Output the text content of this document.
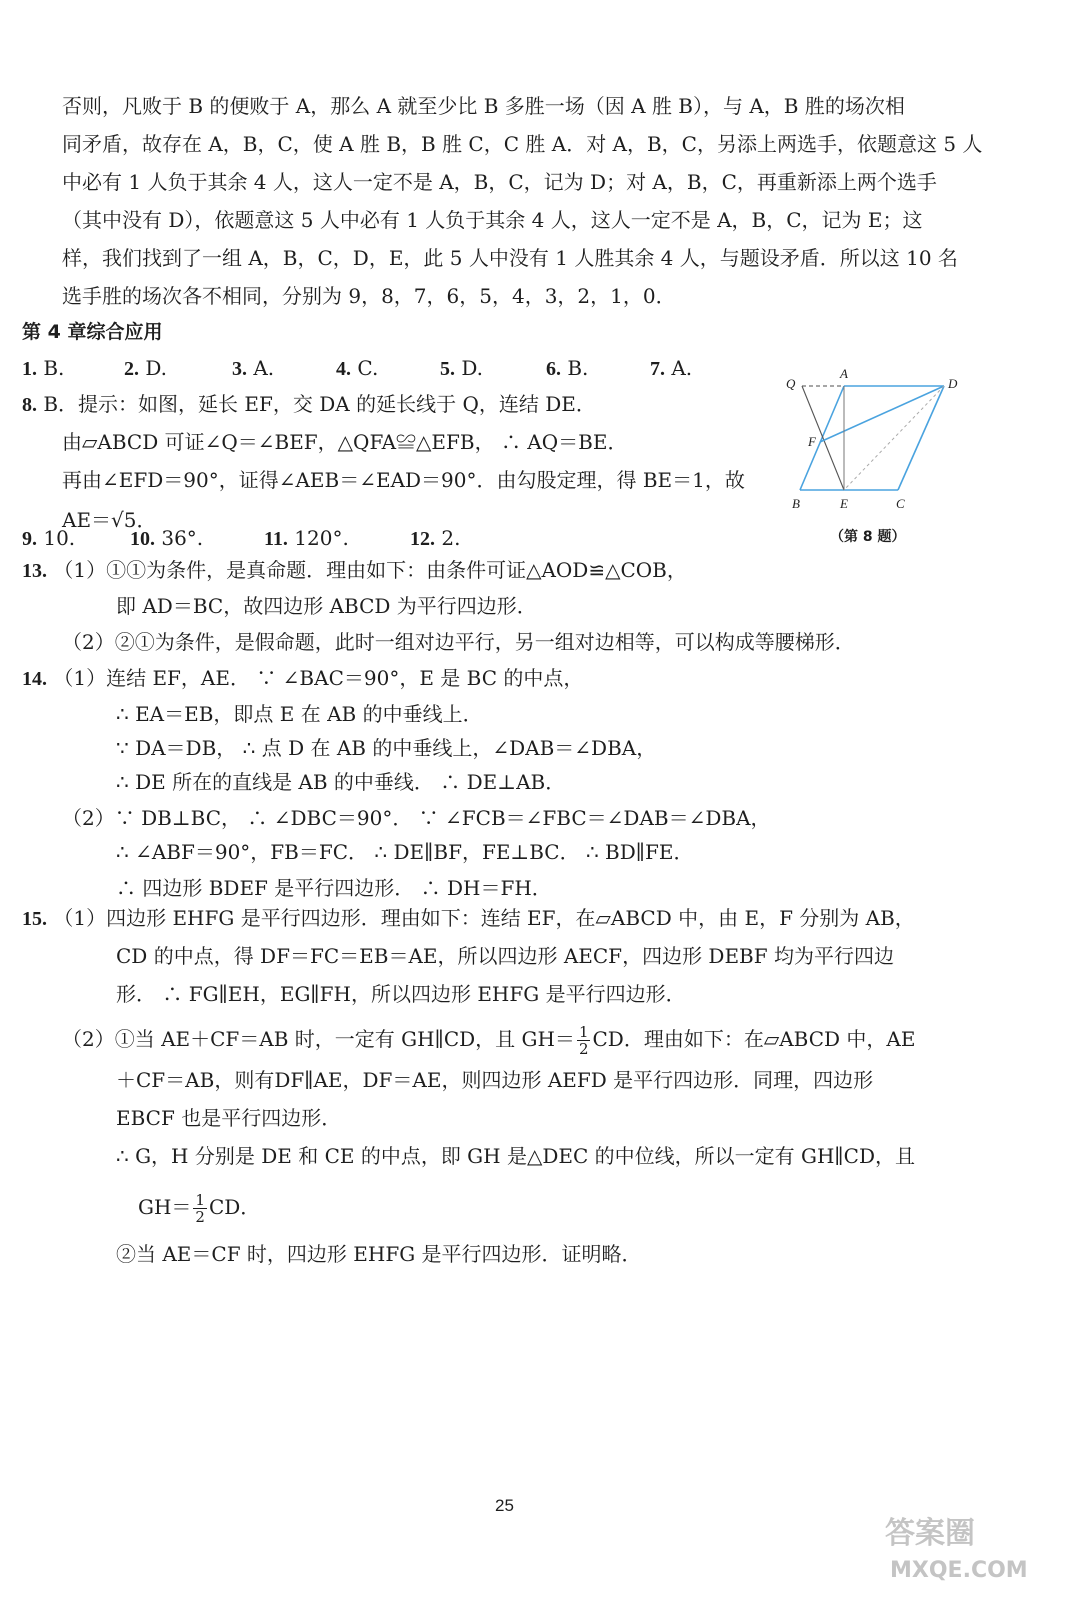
否则，凡败于 B 的便败于 A，那么 A 就至少比 B 多胜一场（因 A 胜 B），与 A，B 胜的场次相
同矛盾，故存在 A，B，C，使 A 胜 B，B 胜 C，C 胜 A．对 A，B，C，另添上两选手，依题意这 5 人
中必有 1 人负于其余 4 人，这人一定不是 A，B，C，记为 D；对 A，B，C，再重新添上两个选手
（其中没有 D），依题意这 5 人中必有 1 人负于其余 4 人，这人一定不是 A，B，C，记为 E；这
样，我们找到了一组 A，B，C，D，E，此 5 人中没有 1 人胜其余 4 人，与题设矛盾．所以这 10 名
选手胜的场次各不相同，分别为 9，8，7，6，5，4，3，2，1，0．
第 4 章综合应用
1. B.	2. D.	3. A.	4. C.	5. D.	6. B.	7. A.
8. B．提示：如图，延长 EF，交 DA 的延长线于 Q，连结 DE．
由▱ABCD 可证∠Q＝∠BEF，△QFA≌△EFB， ∴ AQ＝BE．
再由∠EFD＝90°，证得∠AEB＝∠EAD＝90°．由勾股定理，得 BE＝1，故
AE＝√5．
Q
A
D
F
B	E	C
（第 8 题）
9. 10.	10. 36°.	11. 120°.	12. 2.
13. （1）①①为条件，是真命题．理由如下：由条件可证△AOD≌△COB，
即 AD＝BC，故四边形 ABCD 为平行四边形．
（2）②①为条件，是假命题，此时一组对边平行，另一组对边相等，可以构成等腰梯形．
14. （1）连结 EF，AE． ∵ ∠BAC＝90°，E 是 BC 的中点，
∴ EA＝EB，即点 E 在 AB 的中垂线上．
∵ DA＝DB， ∴ 点 D 在 AB 的中垂线上，∠DAB＝∠DBA，
∴ DE 所在的直线是 AB 的中垂线． ∴ DE⊥AB．
（2）∵ DB⊥BC， ∴ ∠DBC＝90°． ∵ ∠FCB＝∠FBC＝∠DAB＝∠DBA，
∴ ∠ABF＝90°，FB＝FC． ∴ DE∥BF，FE⊥BC． ∴ BD∥FE．
∴ 四边形 BDEF 是平行四边形． ∴ DH＝FH．
15. （1）四边形 EHFG 是平行四边形．理由如下：连结 EF，在▱ABCD 中，由 E，F 分别为 AB，
CD 的中点，得 DF＝FC＝EB＝AE，所以四边形 AECF，四边形 DEBF 均为平行四边
形． ∴ FG∥EH，EG∥FH，所以四边形 EHFG 是平行四边形．
（2）①当 AE＋CF＝AB 时，一定有 GH∥CD，且 $GH= \frac{1}{2}$ CD．理由如下：在▱ABCD 中，AE
＋CF＝AB，则有DF∥AE，DF＝AE，则四边形 AEFD 是平行四边形．同理，四边形
EBCF 也是平行四边形．
∴ G，H 分别是 DE 和 CE 的中点，即 GH 是△DEC 的中位线，所以一定有 GH∥CD，且
$GH= \frac{1}{2}$ CD．
②当 AE＝CF 时，四边形 EHFG 是平行四边形．证明略．
25
答案圈
MXQE.COM
